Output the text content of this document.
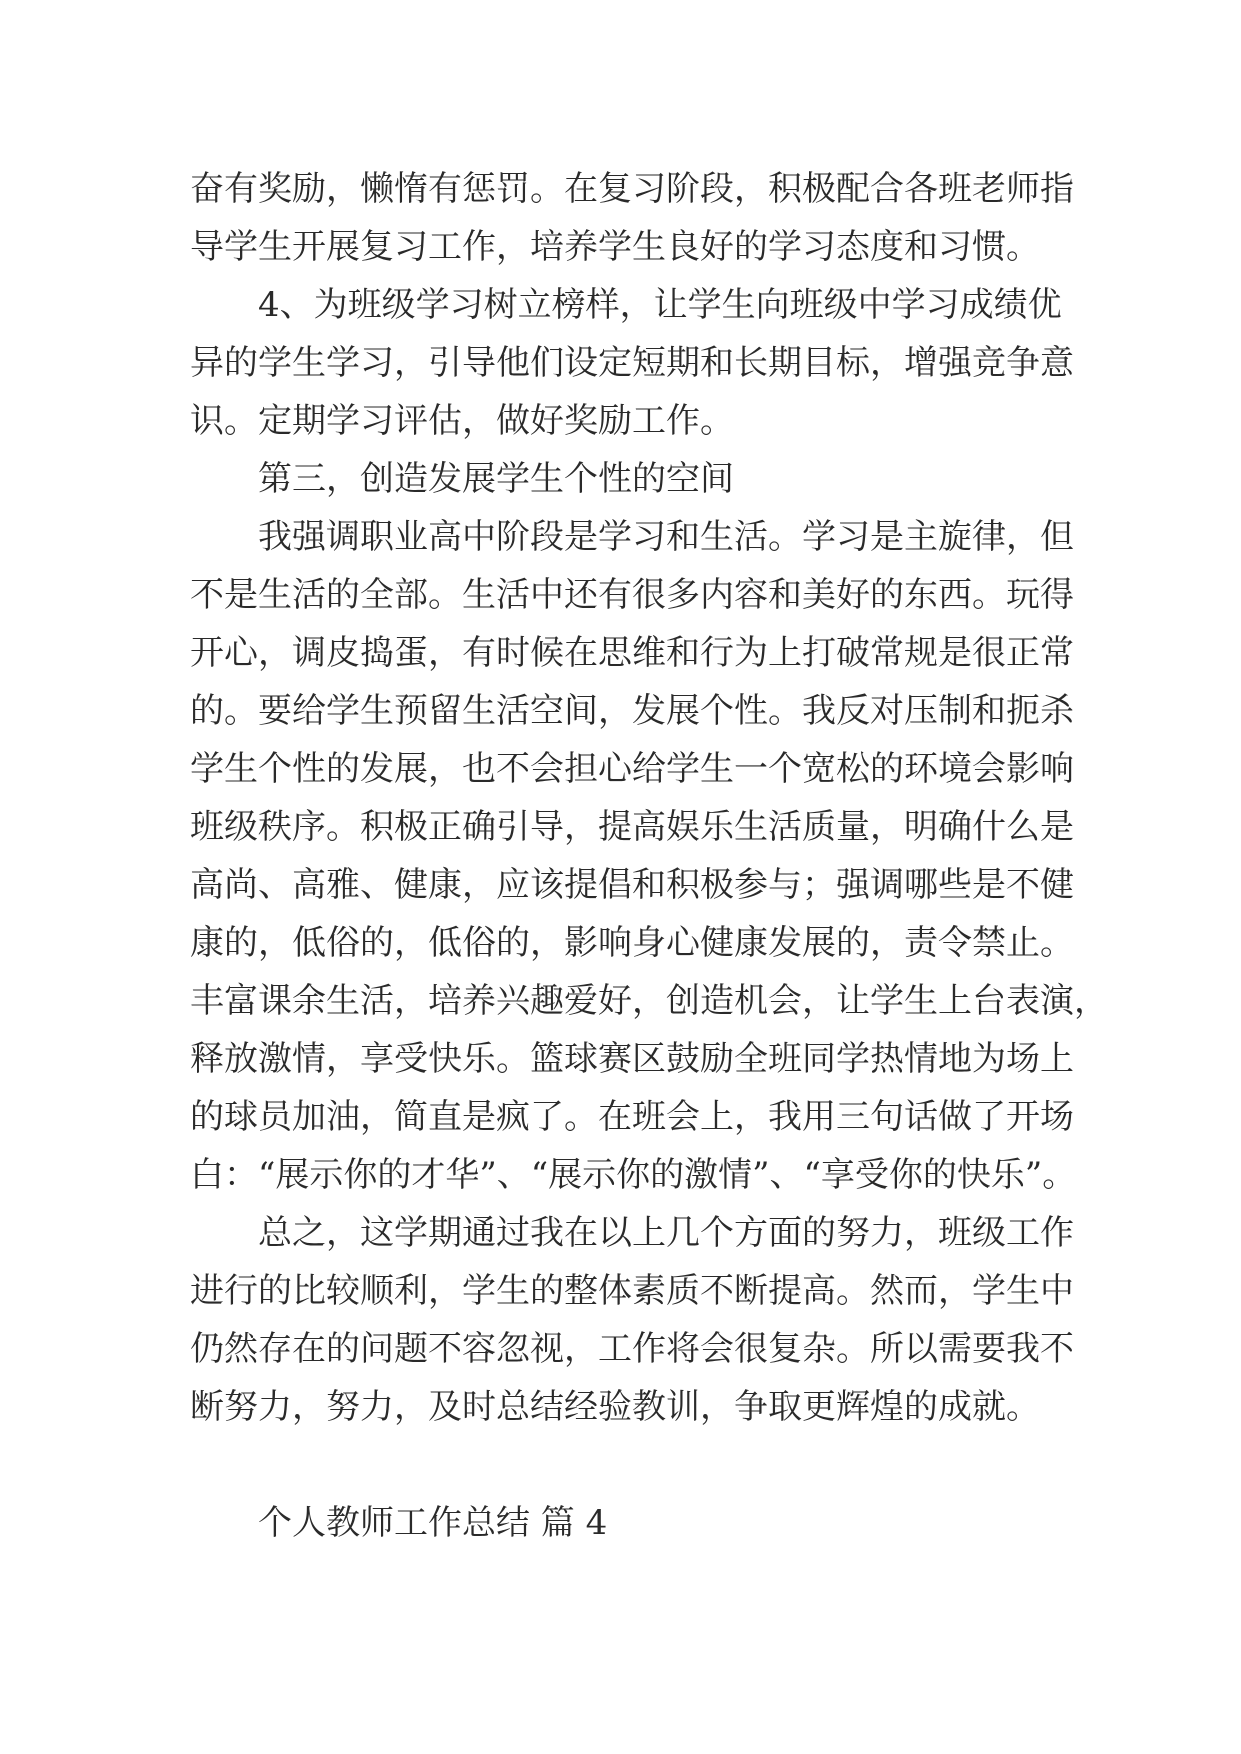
奋有奖励，懒惰有惩罚。在复习阶段，积极配合各班老师指
导学生开展复习工作，培养学生良好的学习态度和习惯。
4、为班级学习树立榜样，让学生向班级中学习成绩优
异的学生学习，引导他们设定短期和长期目标，增强竞争意
识。定期学习评估，做好奖励工作。
第三，创造发展学生个性的空间
我强调职业高中阶段是学习和生活。学习是主旋律，但
不是生活的全部。生活中还有很多内容和美好的东西。玩得
开心，调皮捣蛋，有时候在思维和行为上打破常规是很正常
的。要给学生预留生活空间，发展个性。我反对压制和扼杀
学生个性的发展，也不会担心给学生一个宽松的环境会影响
班级秩序。积极正确引导，提高娱乐生活质量，明确什么是
高尚、高雅、健康，应该提倡和积极参与；强调哪些是不健
康的，低俗的，低俗的，影响身心健康发展的，责令禁止。
丰富课余生活，培养兴趣爱好，创造机会，让学生上台表演，
释放激情，享受快乐。篮球赛区鼓励全班同学热情地为场上
的球员加油，简直是疯了。在班会上，我用三句话做了开场
白：“展示你的才华”、“展示你的激情”、“享受你的快乐”。
总之，这学期通过我在以上几个方面的努力，班级工作
进行的比较顺利，学生的整体素质不断提高。然而，学生中
仍然存在的问题不容忽视，工作将会很复杂。所以需要我不
断努力，努力，及时总结经验教训，争取更辉煌的成就。
个人教师工作总结 篇 4
